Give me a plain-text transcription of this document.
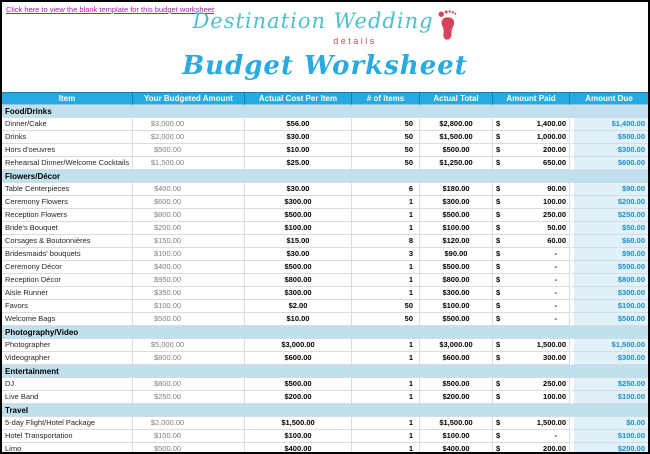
Click here to view the blank template for this budget worksheet
Destination Wedding
details
Budget Worksheet
Item	Your Budgeted Amount	Actual Cost Per Item	# of items	Actual Total	Amount Paid	Amount Due
Food/Drinks
Dinner/Cake	$3,000.00	$56.00	50	$2,800.00	$	1,400.00	$1,400.00
Drinks	$2,000.00	$30.00	50	$1,500.00	$	1,000.00	$500.00
Hors d'oeuvres	$500.00	$10.00	50	$500.00	$	200.00	$300.00
Rehearsal Dinner/Welcome Cocktails	$1,500.00	$25.00	50	$1,250.00	$	650.00	$600.00
Flowers/Décor
Table Centerpieces	$400.00	$30.00	6	$180.00	$	90.00	$90.00
Ceremony Flowers	$600.00	$300.00	1	$300.00	$	100.00	$200.00
Reception Flowers	$800.00	$500.00	1	$500.00	$	250.00	$250.00
Bride's Bouquet	$200.00	$100.00	1	$100.00	$	50.00	$50.00
Corsages & Boutonnières	$150.00	$15.00	8	$120.00	$	60.00	$60.00
Bridesmaids' bouquets	$100.00	$30.00	3	$90.00	$	-	$90.00
Ceremony Décor	$400.00	$500.00	1	$500.00	$	-	$500.00
Reception Décor	$950.00	$800.00	1	$800.00	$	-	$800.00
Aisle Runner	$350.00	$300.00	1	$300.00	$	-	$300.00
Favors	$100.00	$2.00	50	$100.00	$	-	$100.00
Welcome Bags	$500.00	$10.00	50	$500.00	$	-	$500.00
Photography/Video
Photographer	$5,000.00	$3,000.00	1	$3,000.00	$	1,500.00	$1,500.00
Videographer	$800.00	$600.00	1	$600.00	$	300.00	$300.00
Entertainment
DJ	$800.00	$500.00	1	$500.00	$	250.00	$250.00
Live Band	$250.00	$200.00	1	$200.00	$	100.00	$100.00
Travel
5-day Flight/Hotel Package	$2,000.00	$1,500.00	1	$1,500.00	$	1,500.00	$0.00
Hotel Transportation	$100.00	$100.00	1	$100.00	$	-	$100.00
Limo	$500.00	$400.00	1	$400.00	$	200.00	$200.00
